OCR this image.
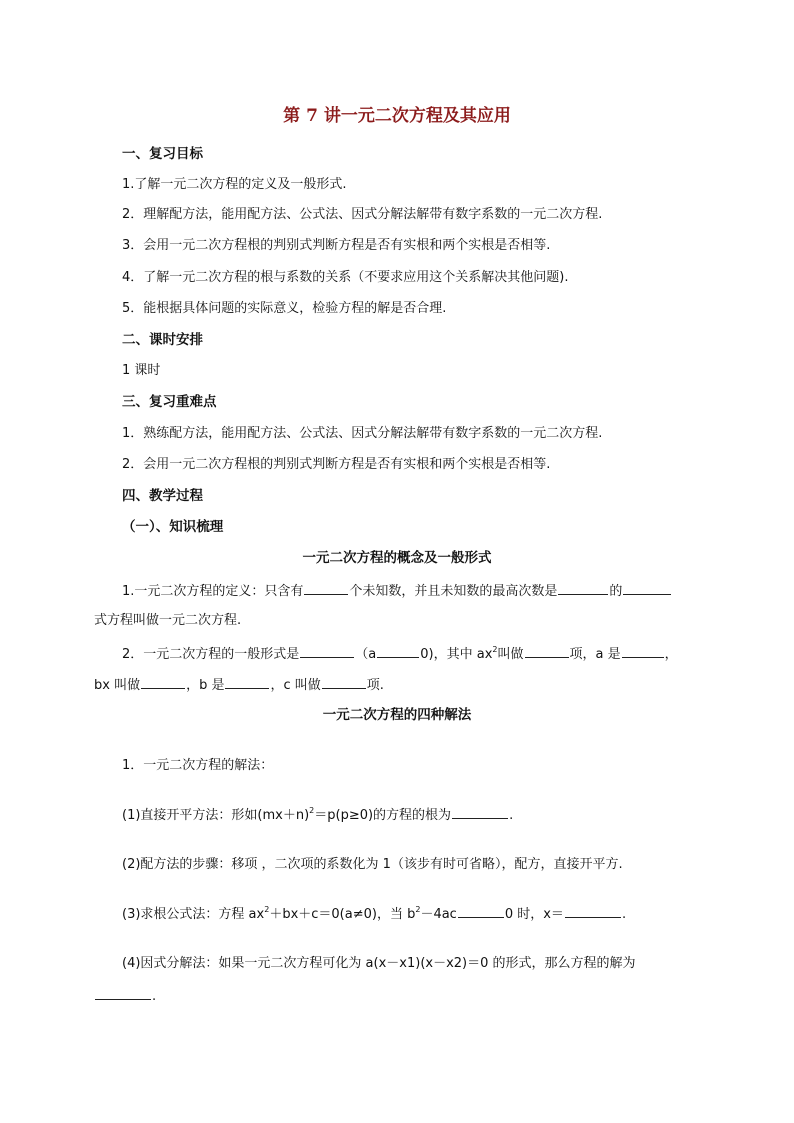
第 7 讲一元二次方程及其应用
一、复习目标
1.了解一元二次方程的定义及一般形式.
2．理解配方法，能用配方法、公式法、因式分解法解带有数字系数的一元二次方程.
3．会用一元二次方程根的判别式判断方程是否有实根和两个实根是否相等.
4．了解一元二次方程的根与系数的关系（不要求应用这个关系解决其他问题).
5．能根据具体问题的实际意义，检验方程的解是否合理.
二、课时安排
1 课时
三、复习重难点
1．熟练配方法，能用配方法、公式法、因式分解法解带有数字系数的一元二次方程.
2．会用一元二次方程根的判别式判断方程是否有实根和两个实根是否相等.
四、教学过程
（一）、知识梳理
一元二次方程的概念及一般形式
1.一元二次方程的定义：只含有	个未知数，并且未知数的最高次数是	的
式方程叫做一元二次方程.
2．一元二次方程的一般形式是	（a	0)，其中 $ax^2$叫做	项，a 是	，
bx 叫做	，b 是	，c 叫做	项.
一元二次方程的四种解法
1．一元二次方程的解法：
(1)直接开平方法：形如$(mx+n)^2=p(p\ge 0)$的方程的根为	.
(2)配方法的步骤：移项 ，二次项的系数化为 1（该步有时可省略），配方，直接开平方.
(3)求根公式法：方程 $ax^2+bx+c=0(a\ne 0)$，当 $b^2-4ac$	0 时，x＝	.
(4)因式分解法：如果一元二次方程可化为 a(x－x1)(x－x2)＝0 的形式，那么方程的解为
.
